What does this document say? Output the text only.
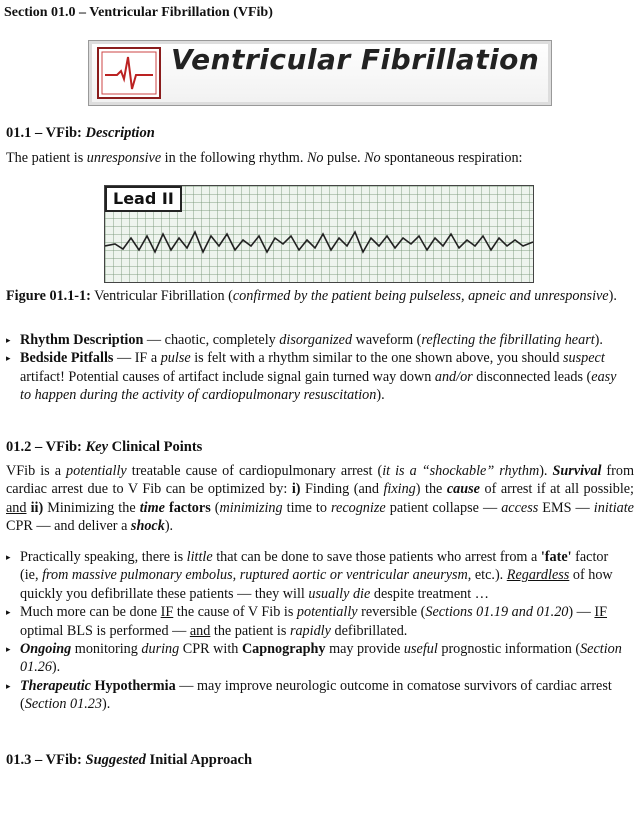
Section 01.0 – Ventricular Fibrillation (VFib)
Ventricular Fibrillation
01.1 – VFib: Description
The patient is unresponsive in the following rhythm. No pulse. No spontaneous respiration:
Lead II
Figure 01.1-1: Ventricular Fibrillation (confirmed by the patient being pulseless, apneic and unresponsive).
▸ Rhythm Description — chaotic, completely disorganized waveform (reflecting the fibrillating heart).
▸ Bedside Pitfalls — IF a pulse is felt with a rhythm similar to the one shown above, you should suspect artifact! Potential causes of artifact include signal gain turned way down and/or disconnected leads (easy to happen during the activity of cardiopulmonary resuscitation).
01.2 – VFib: Key Clinical Points
VFib is a potentially treatable cause of cardiopulmonary arrest (it is a “shockable” rhythm). Survival from cardiac arrest due to V Fib can be optimized by: i) Finding (and fixing) the cause of arrest if at all possible; and ii) Minimizing the time factors (minimizing time to recognize patient collapse — access EMS — initiate CPR — and deliver a shock).
▸ Practically speaking, there is little that can be done to save those patients who arrest from a 'fate' factor (ie, from massive pulmonary embolus, ruptured aortic or ventricular aneurysm, etc.). Regardless of how quickly you defibrillate these patients — they will usually die despite treatment …
▸ Much more can be done IF the cause of V Fib is potentially reversible (Sections 01.19 and 01.20) — IF optimal BLS is performed — and the patient is rapidly defibrillated.
▸ Ongoing monitoring during CPR with Capnography may provide useful prognostic information (Section 01.26).
▸ Therapeutic Hypothermia — may improve neurologic outcome in comatose survivors of cardiac arrest (Section 01.23).
01.3 – VFib: Suggested Initial Approach
